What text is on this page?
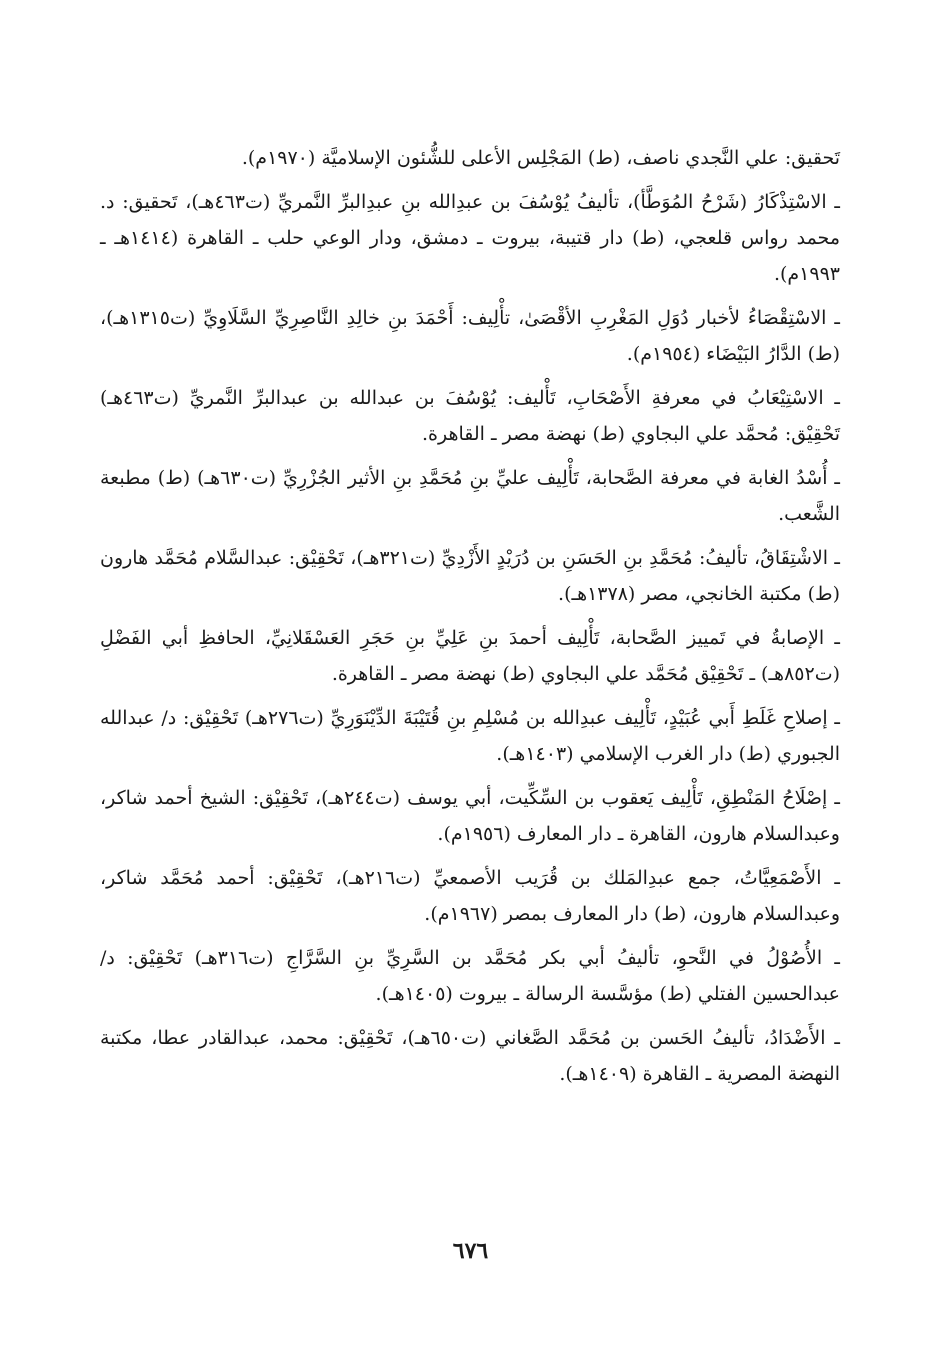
تَحقيق: علي النَّجدي ناصف، (ط) المَجْلِس الأعلى للشُّئون الإسلاميَّة (١٩٧٠م).

ـ الاسْتِذْكَارُ (شَرْحُ المُوَطَّأ)، تأليفُ يُوْسُفَ بن عبدِالله بنِ عبدِالبرِّ النَّمريِّ (ت٤٦٣هـ)، تَحقيق: د. محمد رواس قلعجي، (ط) دار قتيبة، بيروت ـ دمشق، ودار الوعي حلب ـ القاهرة (١٤١٤هـ ـ ١٩٩٣م).

ـ الاسْتِقْصَاءُ لأخبار دُوَلِ المَغْرِبِ الأقْصَىٰ، تأْلِيف: أَحْمَدَ بنِ خالِدِ النَّاصِرِيِّ السَّلَاوِيِّ (ت١٣١٥هـ)، (ط) الدَّارُ البَيْضَاء (١٩٥٤م).

ـ الاسْتِيْعَابُ في معرفةِ الأَصْحَابِ، تَأْليف: يُوْسُفَ بن عبدالله بن عبدالبرِّ النَّمريِّ (ت٤٦٣هـ) تَحْقِيْق: مُحمَّد علي البجاوي (ط) نهضة مصر ـ القاهرة.

ـ أُسْدُ الغابة في معرفة الصَّحابة، تَأْلِيف عليِّ بنِ مُحَمَّدِ بنِ الأثير الجُزْرِيِّ (ت٦٣٠هـ) (ط) مطبعة الشَّعب.

ـ الاشْتِقَاقُ، تأليفُ: مُحَمَّدِ بنِ الحَسَنِ بن دُرَيْدٍ الأَزْدِيِّ (ت٣٢١هـ)، تَحْقِيْق: عبدالسَّلام مُحَمَّد هارون (ط) مكتبة الخانجي، مصر (١٣٧٨هـ).

ـ الإصابةُ في تَمييز الصَّحابة، تَأْلِيف أحمدَ بنِ عَلِيِّ بنِ حَجَرِ العَسْقَلانِيِّ، الحافظِ أبي الفَضْلِ (ت٨٥٢هـ) ـ تَحْقِيْق مُحَمَّد علي البجاوي (ط) نهضة مصر ـ القاهرة.

ـ إصلاحِ غَلَطِ أَبي عُبَيْدٍ، تَأْلِيف عبدِالله بن مُسْلِمِ بنِ قُتَيْبَةَ الدِّيْنَوَرِيِّ (ت٢٧٦هـ) تَحْقِيْق: د/ عبدالله الجبوري (ط) دار الغرب الإسلامي (١٤٠٣هـ).

ـ إصْلَاحُ المَنْطِقِ، تَأْلِيف يَعقوب بن السِّكِّيت، أبي يوسف (ت٢٤٤هـ)، تَحْقِيْق: الشيخ أحمد شاكر، وعبدالسلام هارون، القاهرة ـ دار المعارف (١٩٥٦م).

ـ الأَصْمَعِيَّاتُ، جمع عبدِالمَلك بن قُرَيب الأصمعيِّ (ت٢١٦هـ)، تَحْقِيْق: أحمد مُحَمَّد شاكر، وعبدالسلام هارون، (ط) دار المعارف بمصر (١٩٦٧م).

ـ الأُصُوْلُ في النَّحوِ، تأليفُ أبي بكر مُحَمَّد بن السَّرِيِّ بنِ السَّرَّاجِ (ت٣١٦هـ) تَحْقِيْق: د/ عبدالحسين الفتلي (ط) مؤسَّسة الرسالة ـ بيروت (١٤٠٥هـ).

ـ الأَضْدَادُ، تأليفُ الحَسن بن مُحَمَّد الصَّغاني (ت٦٥٠هـ)، تَحْقِيْق: محمد، عبدالقادر عطا، مكتبة النهضة المصرية ـ القاهرة (١٤٠٩هـ).

٦٧٦
